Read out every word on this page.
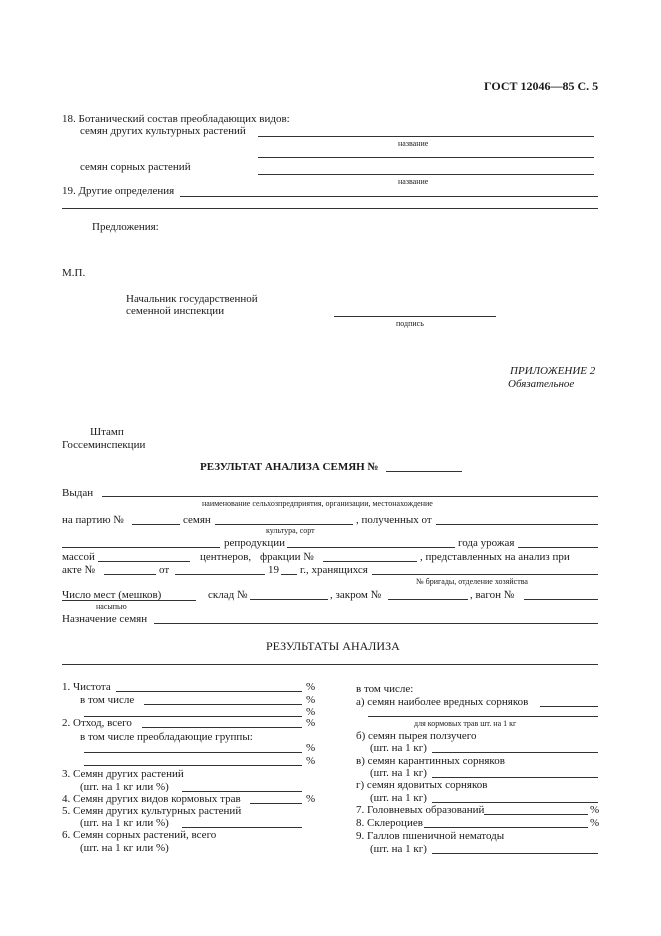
ГОСТ 12046—85 С. 5
18. Ботанический состав преобладающих видов:
семян других культурных растений
название
семян сорных растений
название
19. Другие определения
Предложения:
М.П.
Начальник государственной
семенной инспекции
подпись
ПРИЛОЖЕНИЕ 2
Обязательное
Штамп
Госсеминспекции
РЕЗУЛЬТАТ АНАЛИЗА СЕМЯН №
Выдан
наименование сельхозпредприятия, организации, местонахождение
на партию №	семян	, полученных от
культура, сорт
репродукции	года урожая
массой	центнеров, фракции №	, представленных на анализ при
акте №	от	19 г., хранящихся
№ бригады, отделение хозяйства
Число мест (мешков)
насыпью
склад №	, закром №	, вагон №
Назначение семян
РЕЗУЛЬТАТЫ АНАЛИЗА
1. Чистота	%
в том числе	%
%
2. Отход, всего	%
в том числе преобладающие группы:
%
%
3. Семян других растений
(шт. на 1 кг или %)
4. Семян других видов кормовых трав	%
5. Семян других культурных растений
(шт. на 1 кг или %)
6. Семян сорных растений, всего
(шт. на 1 кг или %)
в том числе:
а) семян наиболее вредных сорняков
для кормовых трав шт. на 1 кг
б) семян пырея ползучего
(шт. на 1 кг)
в) семян карантинных сорняков
(шт. на 1 кг)
г) семян ядовитых сорняков
(шт. на 1 кг)
7. Головневых образований	%
8. Склероциев	%
9. Галлов пшеничной нематоды
(шт. на 1 кг)
